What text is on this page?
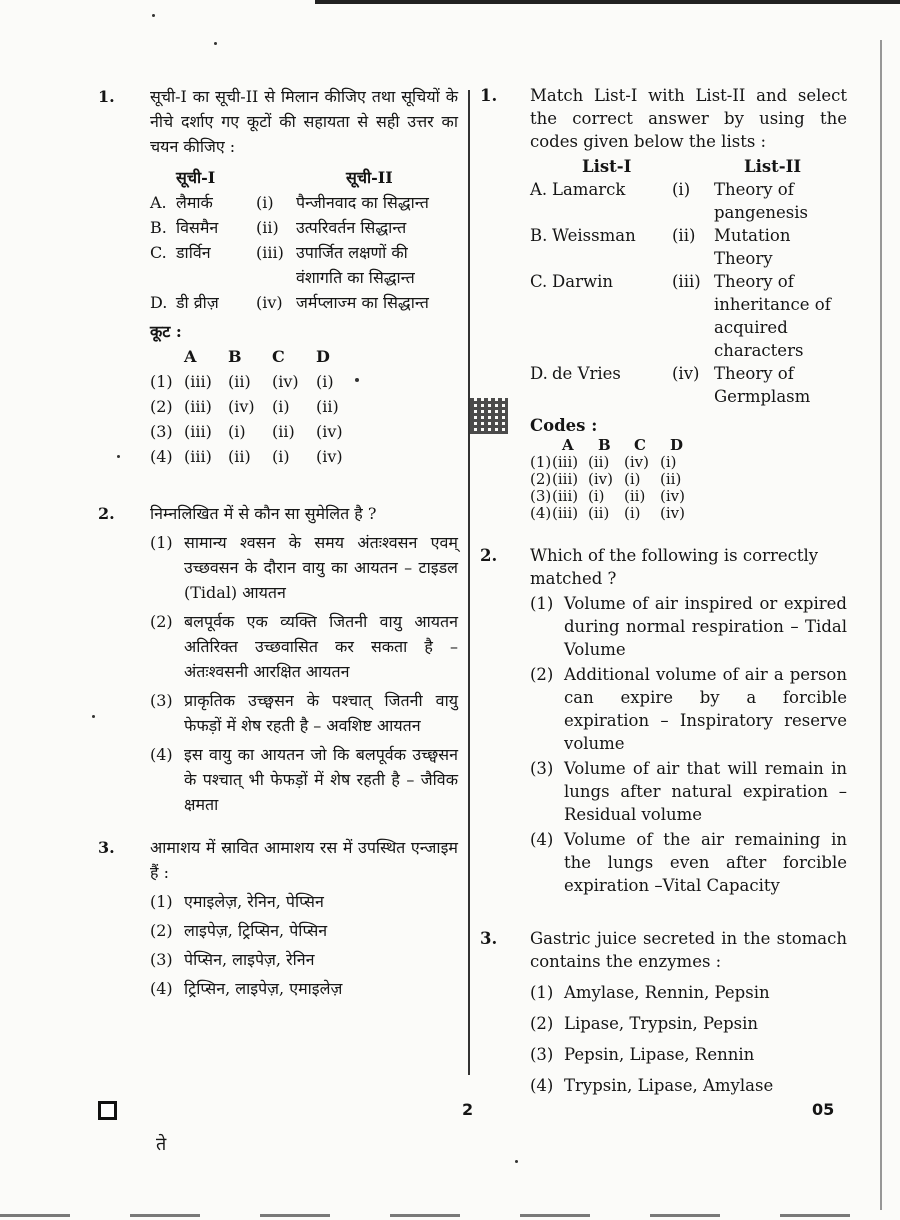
1. सूची-I का सूची-II से मिलान कीजिए तथा सूचियों के नीचे दर्शाए गए कूटों की सहायता से सही उत्तर का चयन कीजिए :
सूची-I	सूची-II
A. लैमार्क	(i)	पैन्जीनवाद का सिद्धान्त
B. विसमैन	(ii)	उत्परिवर्तन सिद्धान्त
C. डार्विन	(iii) उपार्जित लक्षणों की वंशागति का सिद्धान्त
D. डी व्रीज़	(iv) जर्मप्लाज्म का सिद्धान्त
कूट :
A	B	C	D
(1) (iii)	(ii)	(iv)	(i)
(2) (iii)	(iv)	(i)	(ii)
(3) (iii)	(i)	(ii)	(iv)
(4) (iii)	(ii)	(i)	(iv)
2. निम्नलिखित में से कौन सा सुमेलित है ?
(1) सामान्य श्वसन के समय अंतःश्वसन एवम् उच्छवसन के दौरान वायु का आयतन – टाइडल (Tidal) आयतन
(2) बलपूर्वक एक व्यक्ति जितनी वायु आयतन अतिरिक्त उच्छवासित कर सकता है – अंतःश्वसनी आरक्षित आयतन
(3) प्राकृतिक उच्छ्वसन के पश्चात् जितनी वायु फेफड़ों में शेष रहती है – अवशिष्ट आयतन
(4) इस वायु का आयतन जो कि बलपूर्वक उच्छ्वसन के पश्चात् भी फेफड़ों में शेष रहती है – जैविक क्षमता
3. आमाशय में स्रावित आमाशय रस में उपस्थित एन्जाइम हैं :
(1) एमाइलेज़, रेनिन, पेप्सिन
(2) लाइपेज़, ट्रिप्सिन, पेप्सिन
(3) पेप्सिन, लाइपेज़, रेनिन
(4) ट्रिप्सिन, लाइपेज़, एमाइलेज़
1. Match List-I with List-II and select the correct answer by using the codes given below the lists :
List-I	List-II
A. Lamarck	(i)	Theory of pangenesis
B. Weissman	(ii)	Mutation Theory
C. Darwin	(iii) Theory of inheritance of acquired characters
D. de Vries	(iv) Theory of Germplasm
Codes :
A	B	C	D
(1) (iii) (ii) (iv) (i)
(2) (iii) (iv) (i)	(ii)
(3) (iii) (i)	(ii) (iv)
(4) (iii) (ii) (i)	(iv)
2. Which of the following is correctly matched ?
(1) Volume of air inspired or expired during normal respiration – Tidal Volume
(2) Additional volume of air a person can expire by a forcible expiration – Inspiratory reserve volume
(3) Volume of air that will remain in lungs after natural expiration – Residual volume
(4) Volume of the air remaining in the lungs even after forcible expiration –Vital Capacity
3. Gastric juice secreted in the stomach contains the enzymes :
(1) Amylase, Rennin, Pepsin
(2) Lipase, Trypsin, Pepsin
(3) Pepsin, Lipase, Rennin
(4) Trypsin, Lipase, Amylase
2	05
ते
